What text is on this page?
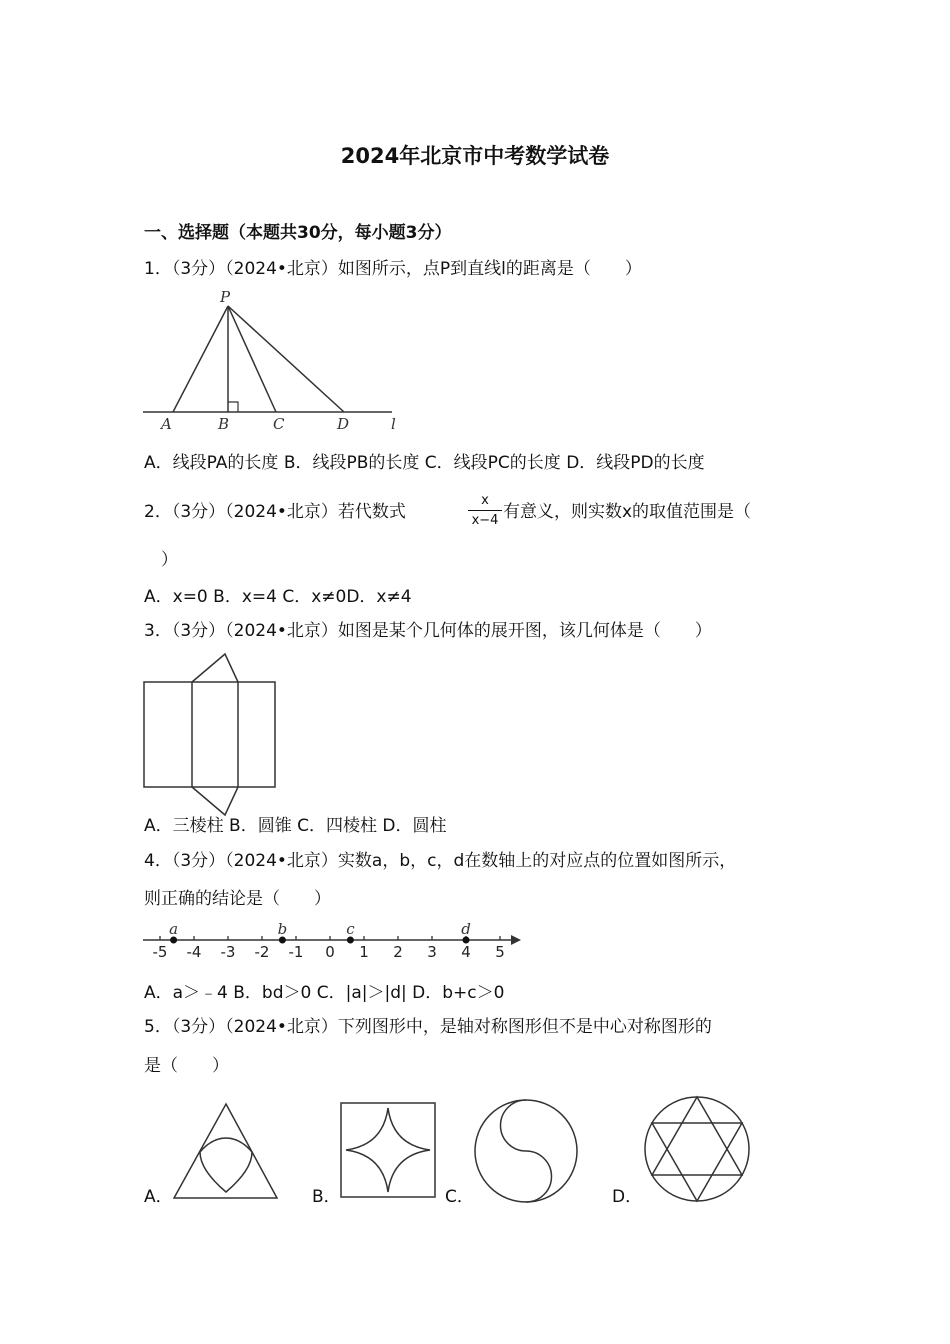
2024年北京市中考数学试卷
一、选择题（本题共30分，每小题3分）
1．（3分）（2024•北京）如图所示，点P到直线l的距离是（　　）
P
A	B	C	D	l
A．线段PA的长度 B．线段PB的长度 C．线段PC的长度 D．线段PD的长度
2．（3分）（2024•北京）若代数式	$\frac{x}{x-4}$ 有意义，则实数x的取值范围是（
　）
A．x=0 B．x=4 C．x≠0D．x≠4
3．（3分）（2024•北京）如图是某个几何体的展开图，该几何体是（　　）
A．三棱柱 B．圆锥 C．四棱柱 D．圆柱
4．（3分）（2024•北京）实数a，b，c，d在数轴上的对应点的位置如图所示，
则正确的结论是（　　）
-5 -4 -3 -2 -1 0 1 2 3 4 5
a	b	c	d
A．a＞﹣4 B．bd＞0 C．|a|＞|d| D．b+c＞0
5．（3分）（2024•北京）下列图形中，是轴对称图形但不是中心对称图形的
是（　　）
A．	B．	C．	D．
